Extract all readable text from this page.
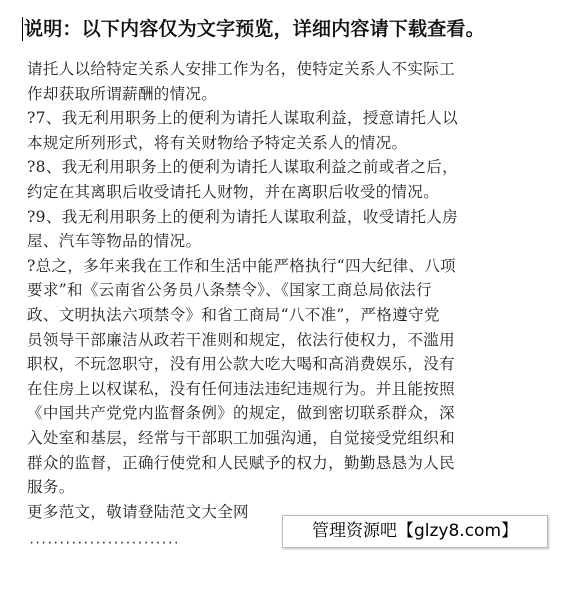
说明：以下内容仅为文字预览，详细内容请下载查看。
请托人以给特定关系人安排工作为名，使特定关系人不实际工
作却获取所谓薪酬的情况。
?7、我无利用职务上的便利为请托人谋取利益，授意请托人以
本规定所列形式，将有关财物给予特定关系人的情况。
?8、我无利用职务上的便利为请托人谋取利益之前或者之后，
约定在其离职后收受请托人财物，并在离职后收受的情况。
?9、我无利用职务上的便利为请托人谋取利益，收受请托人房
屋、汽车等物品的情况。
?总之，多年来我在工作和生活中能严格执行“四大纪律、八项
要求”和《云南省公务员八条禁令》、《国家工商总局依法行
政、文明执法六项禁令》和省工商局“八不准”，严格遵守党
员领导干部廉洁从政若干准则和规定，依法行使权力，不滥用
职权，不玩忽职守，没有用公款大吃大喝和高消费娱乐，没有
在住房上以权谋私，没有任何违法违纪违规行为。并且能按照
《中国共产党党内监督条例》的规定，做到密切联系群众，深
入处室和基层，经常与干部职工加强沟通，自觉接受党组织和
群众的监督，正确行使党和人民赋予的权力，勤勤恳恳为人民
服务。
更多范文，敬请登陆范文大全网
·························
管理资源吧【glzy8.com】
